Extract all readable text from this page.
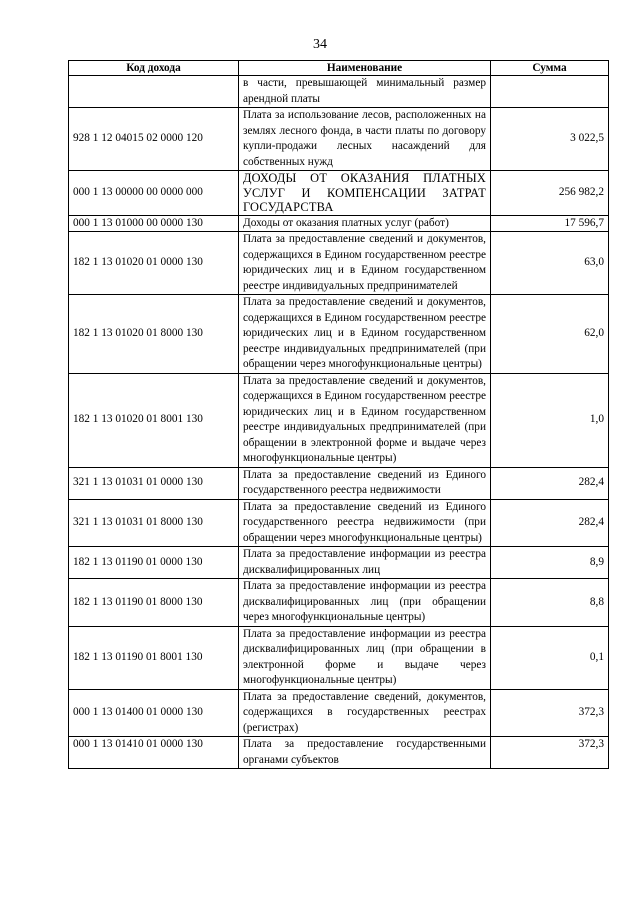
34
Код дохода	Наименование	Сумма
	в части, превышающей минимальный размер арендной платы	
928 1 12 04015 02 0000 120	Плата за использование лесов, расположенных на землях лесного фонда, в части платы по договору купли-продажи лесных насаждений для собственных нужд	3 022,5
000 1 13 00000 00 0000 000	ДОХОДЫ ОТ ОКАЗАНИЯ ПЛАТНЫХ УСЛУГ И КОМПЕНСАЦИИ ЗАТРАТ ГОСУДАРСТВА	256 982,2
000 1 13 01000 00 0000 130	Доходы от оказания платных услуг (работ)	17 596,7
182 1 13 01020 01 0000 130	Плата за предоставление сведений и документов, содержащихся в Едином государственном реестре юридических лиц и в Едином государственном реестре индивидуальных предпринимателей	63,0
182 1 13 01020 01 8000 130	Плата за предоставление сведений и документов, содержащихся в Едином государственном реестре юридических лиц и в Едином государственном реестре индивидуальных предпринимателей (при обращении через многофункциональные центры)	62,0
182 1 13 01020 01 8001 130	Плата за предоставление сведений и документов, содержащихся в Едином государственном реестре юридических лиц и в Едином государственном реестре индивидуальных предпринимателей (при обращении в электронной форме и выдаче через многофункциональные центры)	1,0
321 1 13 01031 01 0000 130	Плата за предоставление сведений из Единого государственного реестра недвижимости	282,4
321 1 13 01031 01 8000 130	Плата за предоставление сведений из Единого государственного реестра недвижимости (при обращении через многофункциональные центры)	282,4
182 1 13 01190 01 0000 130	Плата за предоставление информации из реестра дисквалифицированных лиц	8,9
182 1 13 01190 01 8000 130	Плата за предоставление информации из реестра дисквалифицированных лиц (при обращении через многофункциональные центры)	8,8
182 1 13 01190 01 8001 130	Плата за предоставление информации из реестра дисквалифицированных лиц (при обращении в электронной форме и выдаче через многофункциональные центры)	0,1
000 1 13 01400 01 0000 130	Плата за предоставление сведений, документов, содержащихся в государственных реестрах (регистрах)	372,3
000 1 13 01410 01 0000 130	Плата за предоставление государственными органами субъектов	372,3
